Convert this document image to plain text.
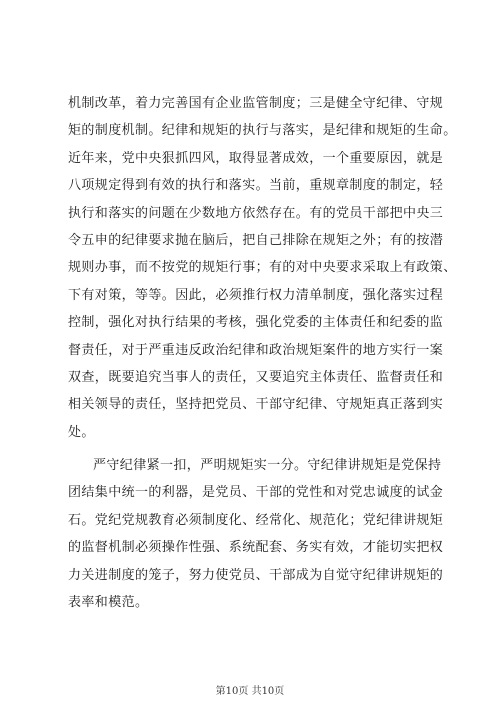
机制改革，着力完善国有企业监管制度；三是健全守纪律、守规
矩的制度机制。纪律和规矩的执行与落实，是纪律和规矩的生命。
近年来，党中央狠抓四风，取得显著成效，一个重要原因，就是
八项规定得到有效的执行和落实。当前，重规章制度的制定，轻
执行和落实的问题在少数地方依然存在。有的党员干部把中央三
令五申的纪律要求抛在脑后，把自己排除在规矩之外；有的按潜
规则办事，而不按党的规矩行事；有的对中央要求采取上有政策、
下有对策，等等。因此，必须推行权力清单制度，强化落实过程
控制，强化对执行结果的考核，强化党委的主体责任和纪委的监
督责任，对于严重违反政治纪律和政治规矩案件的地方实行一案
双查，既要追究当事人的责任，又要追究主体责任、监督责任和
相关领导的责任，坚持把党员、干部守纪律、守规矩真正落到实
处。
严守纪律紧一扣，严明规矩实一分。守纪律讲规矩是党保持
团结集中统一的利器，是党员、干部的党性和对党忠诚度的试金
石。党纪党规教育必须制度化、经常化、规范化；党纪律讲规矩
的监督机制必须操作性强、系统配套、务实有效，才能切实把权
力关进制度的笼子，努力使党员、干部成为自觉守纪律讲规矩的
表率和模范。
第10页 共10页
